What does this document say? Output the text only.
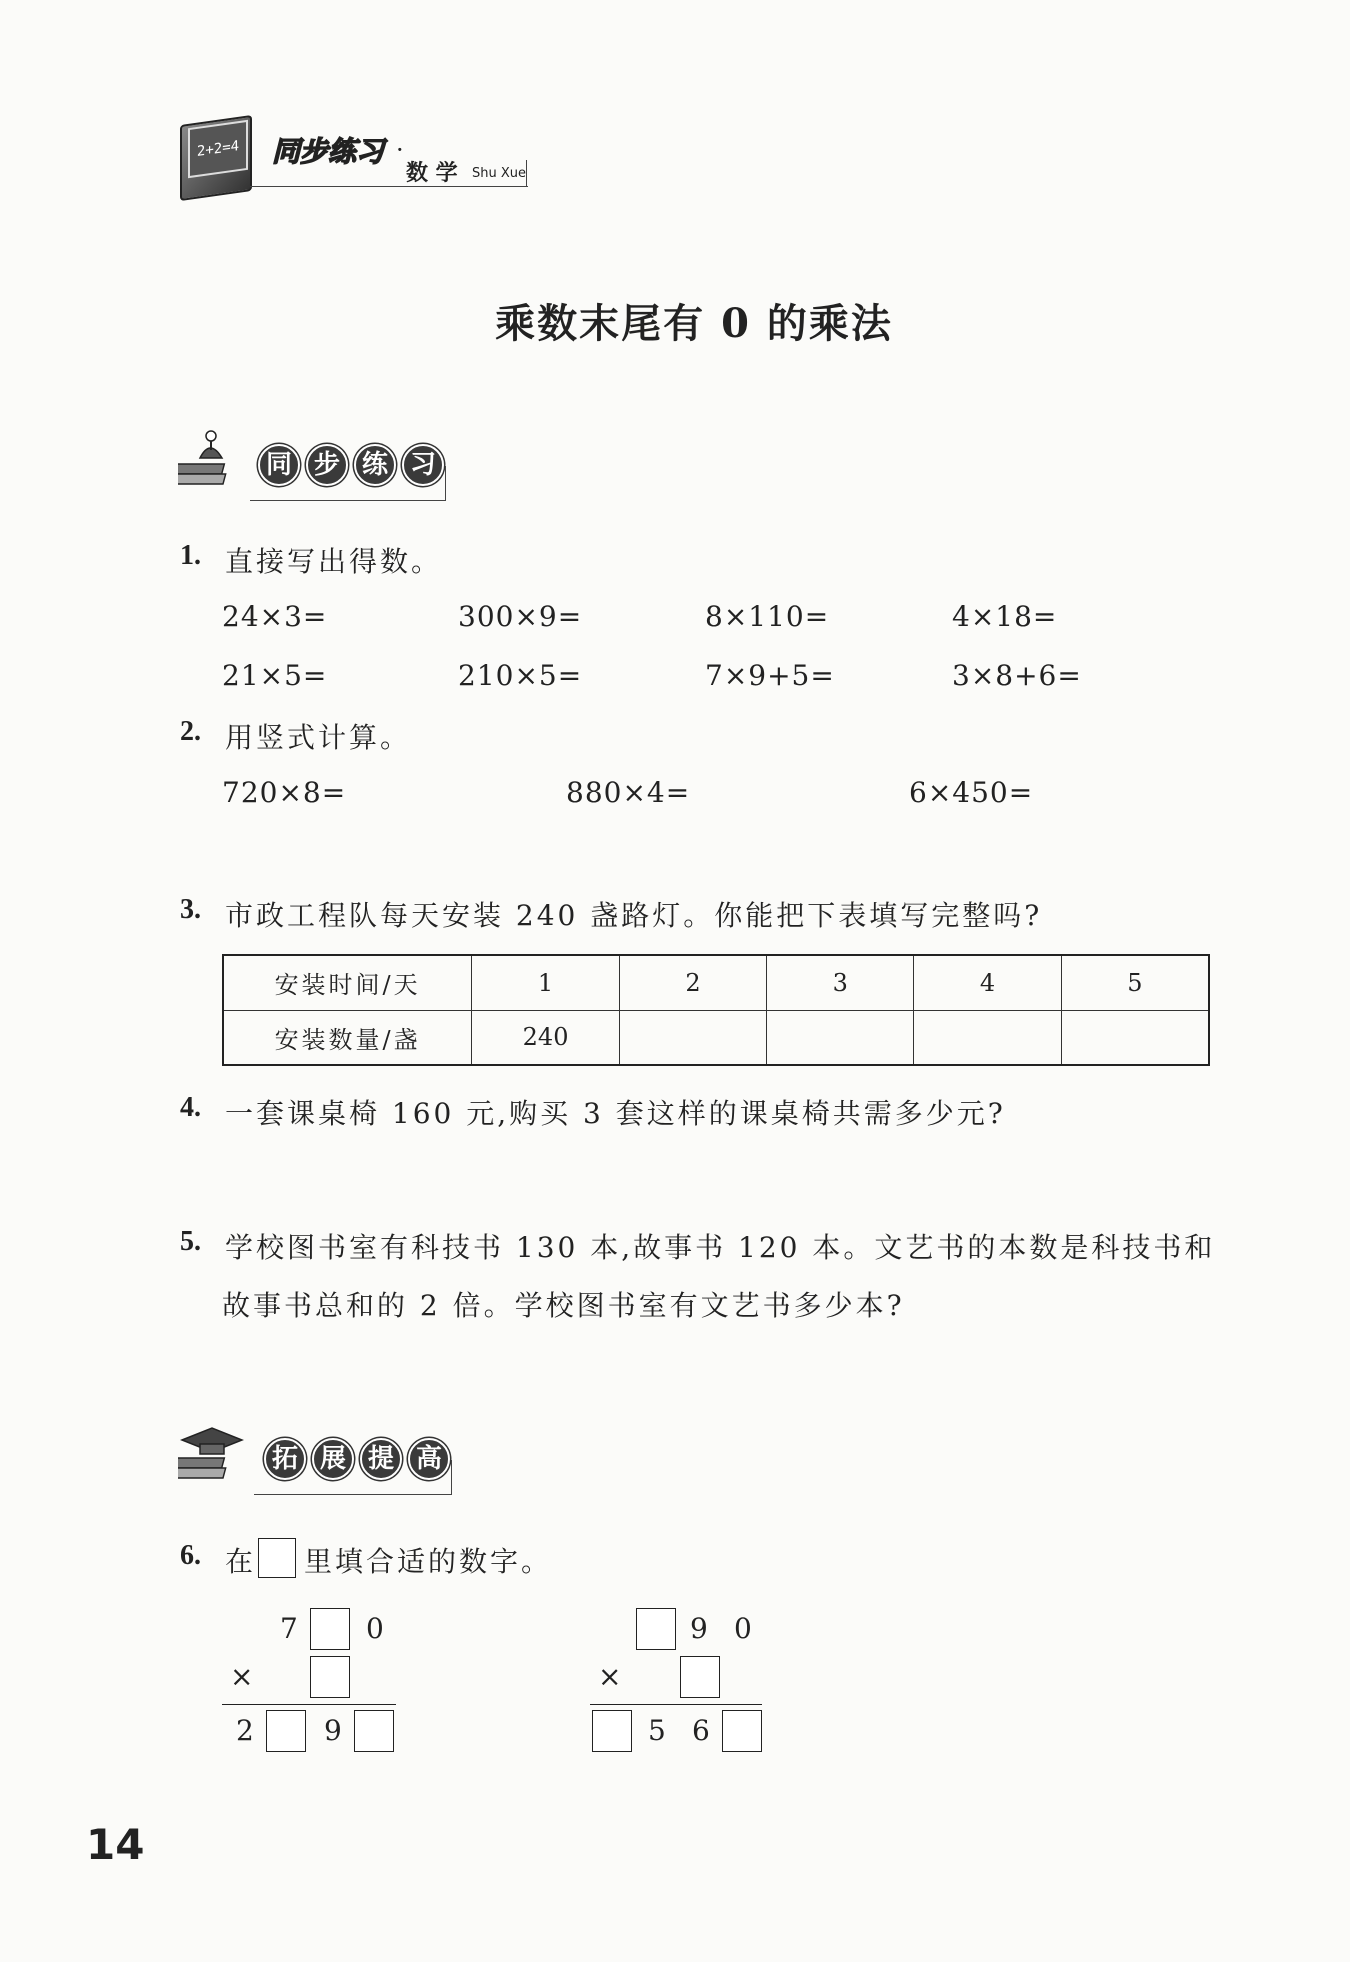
2+2=4	同步练习 ·
数 学 Shu Xue
乘数末尾有 0 的乘法
同 步 练 习
1. 直接写出得数。
24×3=	300×9=	8×110=	4×18=
21×5=	210×5=	7×9+5=	3×8+6=
2. 用竖式计算。
720×8=	880×4=	6×450=
3. 市政工程队每天安装 240 盏路灯。你能把下表填写完整吗?
安装时间/天	1	2	3	4	5
安装数量/盏	240				
4. 一套课桌椅 160 元,购买 3 套这样的课桌椅共需多少元?
5. 学校图书室有科技书 130 本,故事书 120 本。文艺书的本数是科技书和
故事书总和的 2 倍。学校图书室有文艺书多少本?
拓 展 提 高
6. 在 里填合适的数字。
7 0
×
2	9
9 0
×
5 6
14
